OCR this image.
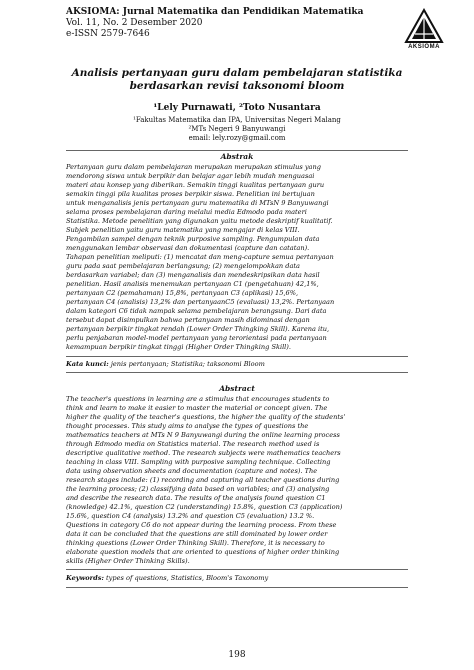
AKSIOMA: Jurnal Matematika dan Pendidikan Matematika
Vol. 11, No. 2 Desember 2020
e-ISSN 2579-7646
AKSIOMA
Analisis pertanyaan guru dalam pembelajaran statistika
berdasarkan revisi taksonomi bloom
¹Lely Purnawati, ²Toto Nusantara
¹Fakultas Matematika dan IPA, Universitas Negeri Malang
²MTs Negeri 9 Banyuwangi
email: lely.rozy@gmail.com
Abstrak
Pertanyaan guru dalam pembelajaran merupakan merupakan stimulus yang
mendorong siswa untuk berpikir dan belajar agar lebih mudah menguasai
materi atau konsep yang diberikan. Semakin tinggi kualitas pertanyaan guru
semakin tinggi pila kualitas proses berpikir siswa. Penelitian ini bertujuan
untuk menganalisis jenis pertanyaan guru matematika di MTsN 9 Banyuwangi
selama proses pembelajaran daring melalui media Edmodo pada materi
Statistika. Metode penelitian yang digunakan yaitu metode deskriptif kualitatif.
Subjek penelitian yaitu guru matematika yang mengajar di kelas VIII.
Pengambilan sampel dengan teknik purposive sampling. Pengumpulan data
menggunakan lembar observasi dan dokumentasi (capture dan catatan).
Tahapan penelitian meliputi: (1) mencatat dan meng-capture semua pertanyaan
guru pada saat pembelajaran berlangsung; (2) mengelompokkan data
berdasarkan variabel; dan (3) menganalisis dan mendeskripsikan data hasil
penelitian. Hasil analisis menemukan pertanyaan C1 (pengetahuan) 42,1%,
pertanyaan C2 (pemahaman) 15,8%, pertanyaan C3 (aplikasi) 15,6%,
pertanyaan C4 (analisis) 13,2% dan pertanyaanC5 (evaluasi) 13,2%. Pertanyaan
dalam kategori C6 tidak nampak selama pembelajaran berangsung. Dari data
tersebut dapat disimpulkan bahwa pertanyaan masih didominasi dengan
pertanyaan berpikir tingkat rendah (Lower Order Thingking Skill). Karena itu,
perlu penjabaran model-model pertanyaan yang terorientasi pada pertanyaan
kemampuan berpikir tingkat tinggi (Higher Order Thingking Skill).
Kata kunci: jenis pertanyaan; Statistika; taksonomi Bloom
Abstract
The teacher's questions in learning are a stimulus that encourages students to
think and learn to make it easier to master the material or concept given. The
higher the quality of the teacher's questions, the higher the quality of the students'
thought processes. This study aims to analyse the types of questions the
mathematics teachers at MTs N 9 Banyuwangi during the online learning process
through Edmodo media on Statistics material. The research method used is
descriptive qualitative method. The research subjects were mathematics teachers
teaching in class VIII. Sampling with purposive sampling technique. Collecting
data using observation sheets and documentation (capture and notes). The
research stages include: (1) recording and capturing all teacher questions during
the learning process; (2) classifying data based on variables; and (3) analysing
and describe the research data. The results of the analysis found question C1
(knowledge) 42.1%, question C2 (understanding) 15.8%, question C3 (application)
15.6%, question C4 (analysis) 13.2% and question C5 (evaluation) 13.2 %.
Questions in category C6 do not appear during the learning process. From these
data it can be concluded that the questions are still dominated by lower order
thinking questions (Lower Order Thinking Skill). Therefore, it is necessary to
elaborate question models that are oriented to questions of higher order thinking
skills (Higher Order Thinking Skills).
Keywords: types of questions, Statistics, Bloom's Taxonomy
198
